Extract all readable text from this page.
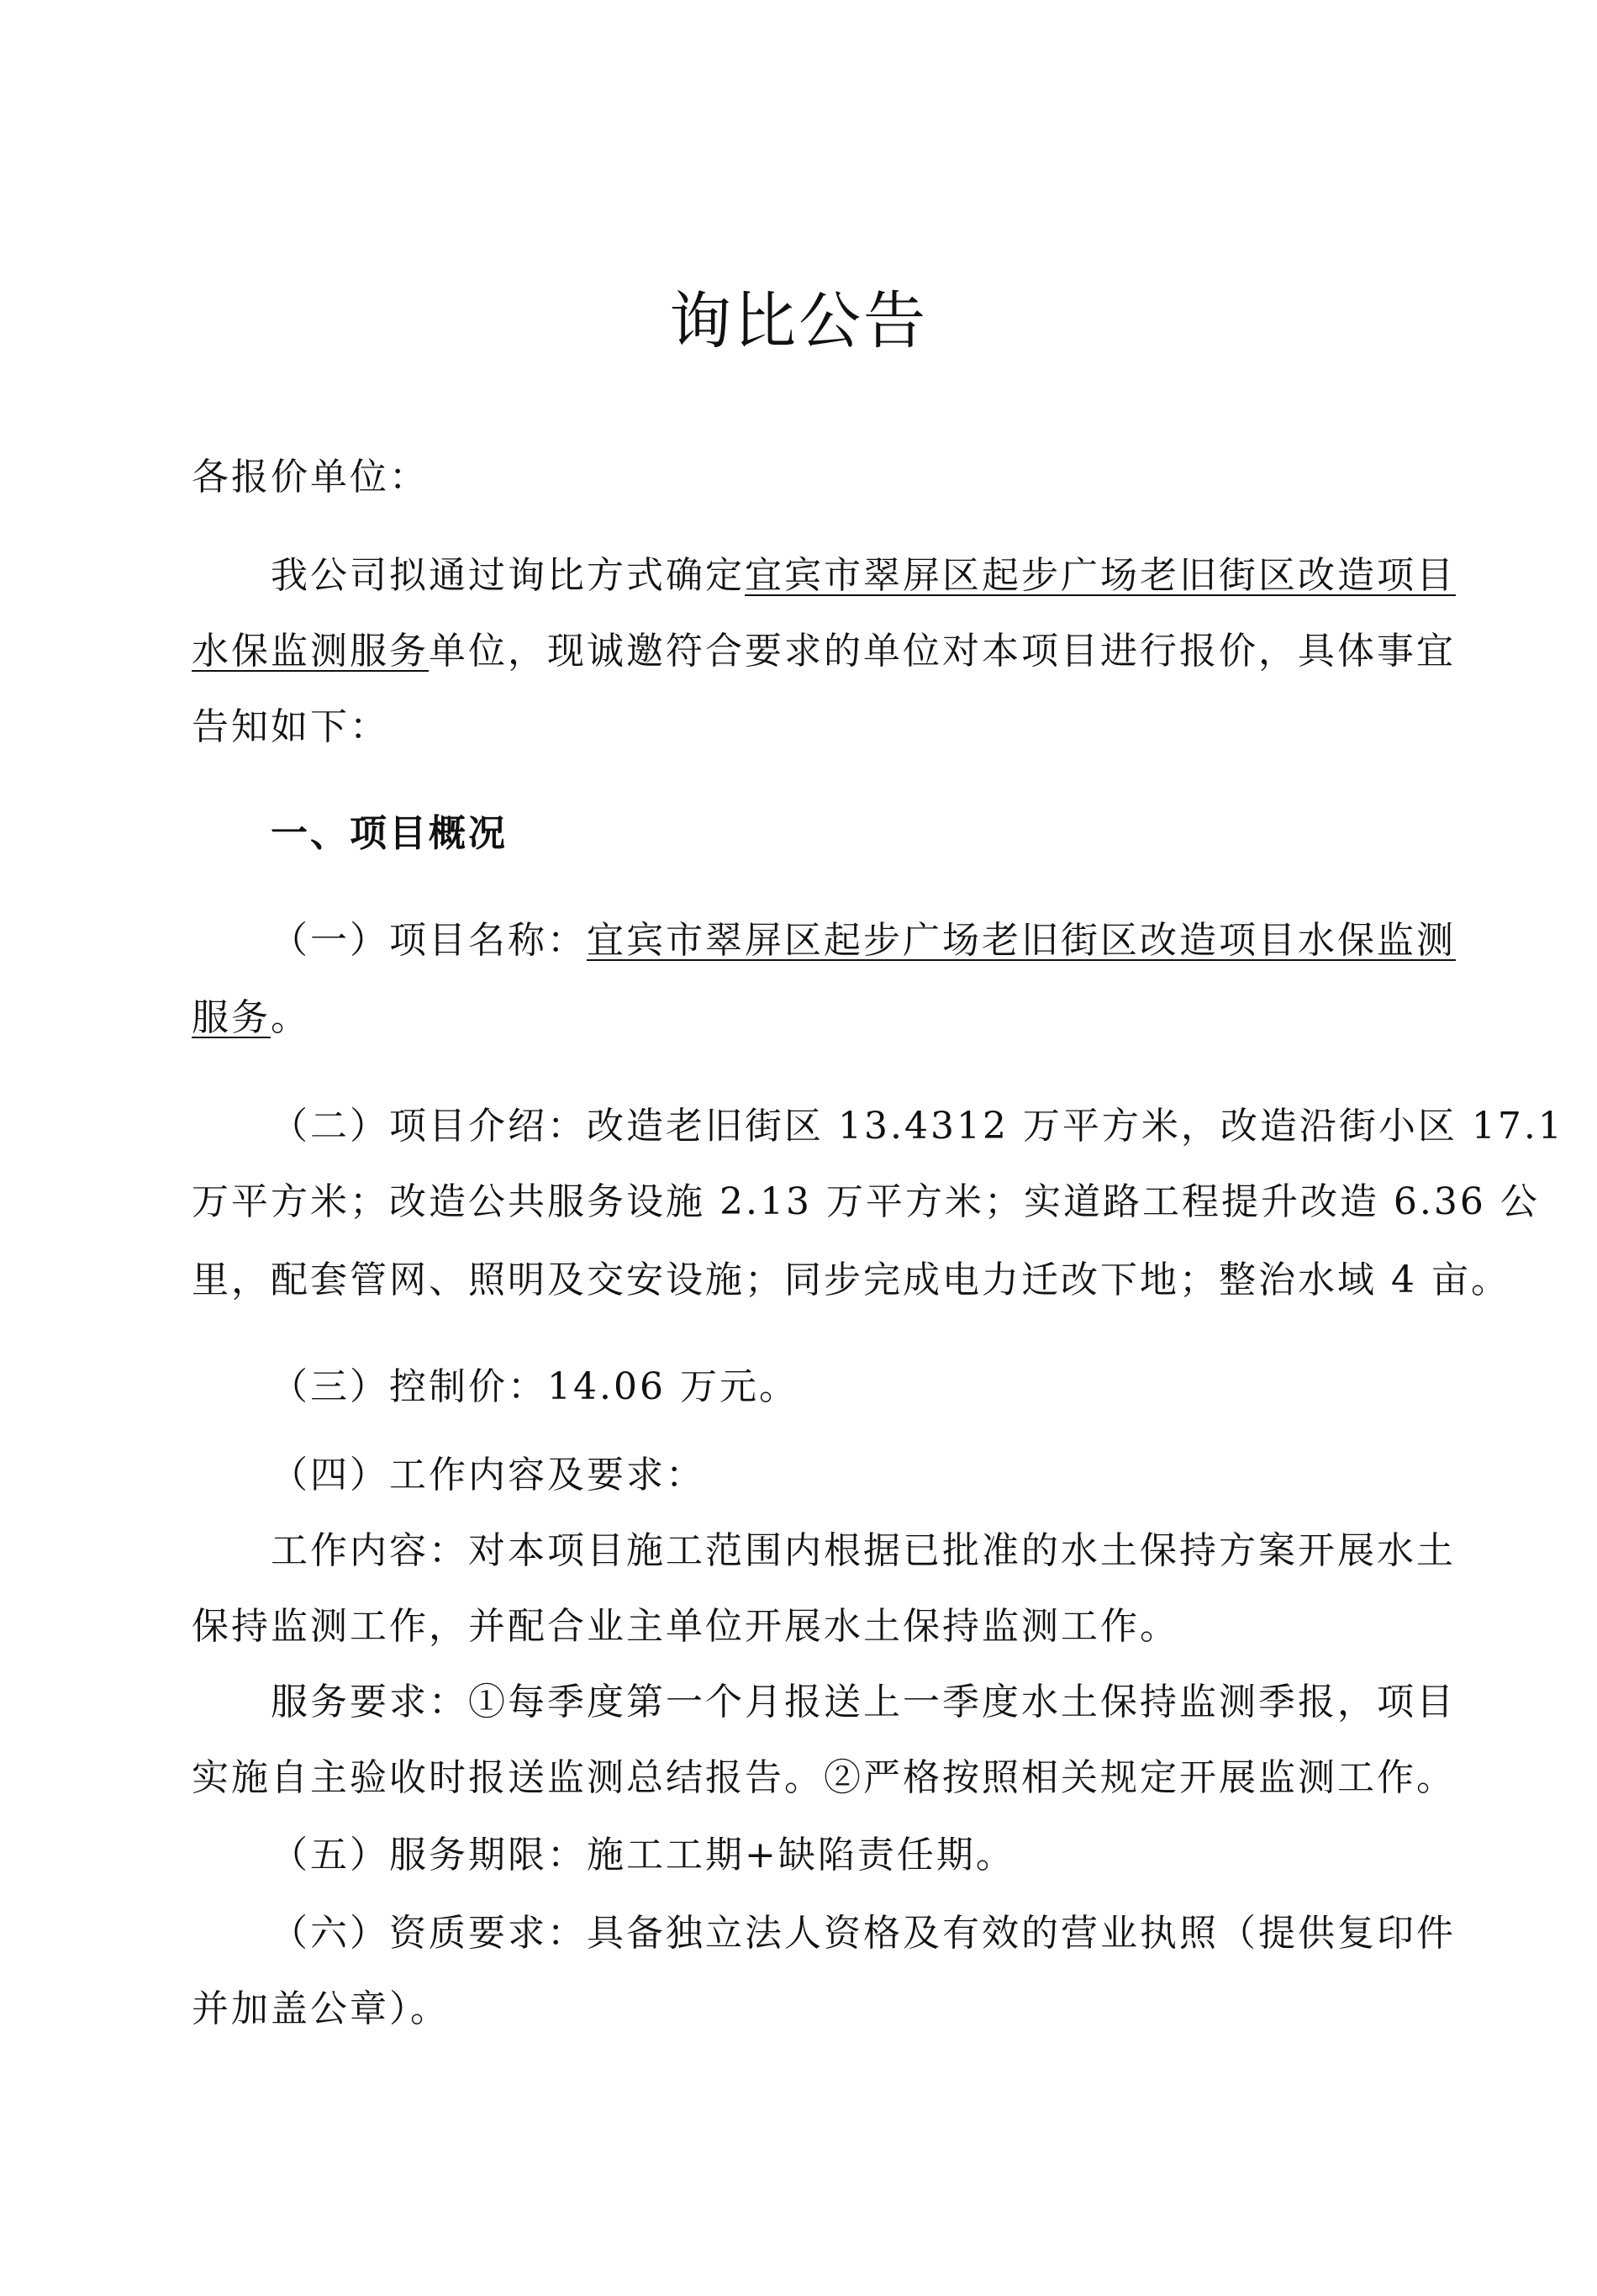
询比公告
各报价单位：
我公司拟通过询比方式确定宜宾市翠屏区起步广场老旧街区改造项目
水保监测服务单位，现诚邀符合要求的单位对本项目进行报价，具体事宜
告知如下：
一、项目概况
（一）项目名称：宜宾市翠屏区起步广场老旧街区改造项目水保监测
服务。
（二）项目介绍：改造老旧街区 13.4312 万平方米，改造沿街小区 17.1
万平方米；改造公共服务设施 2.13 万平方米；实道路工程提升改造 6.36 公
里，配套管网、照明及交安设施；同步完成电力迁改下地；整治水域 4 亩。
（三）控制价：14.06 万元。
（四）工作内容及要求：
工作内容：对本项目施工范围内根据已批准的水土保持方案开展水土
保持监测工作，并配合业主单位开展水土保持监测工作。
服务要求：①每季度第一个月报送上一季度水土保持监测季报，项目
实施自主验收时报送监测总结报告。②严格按照相关规定开展监测工作。
（五）服务期限：施工工期+缺陷责任期。
（六）资质要求：具备独立法人资格及有效的营业执照（提供复印件
并加盖公章）。
